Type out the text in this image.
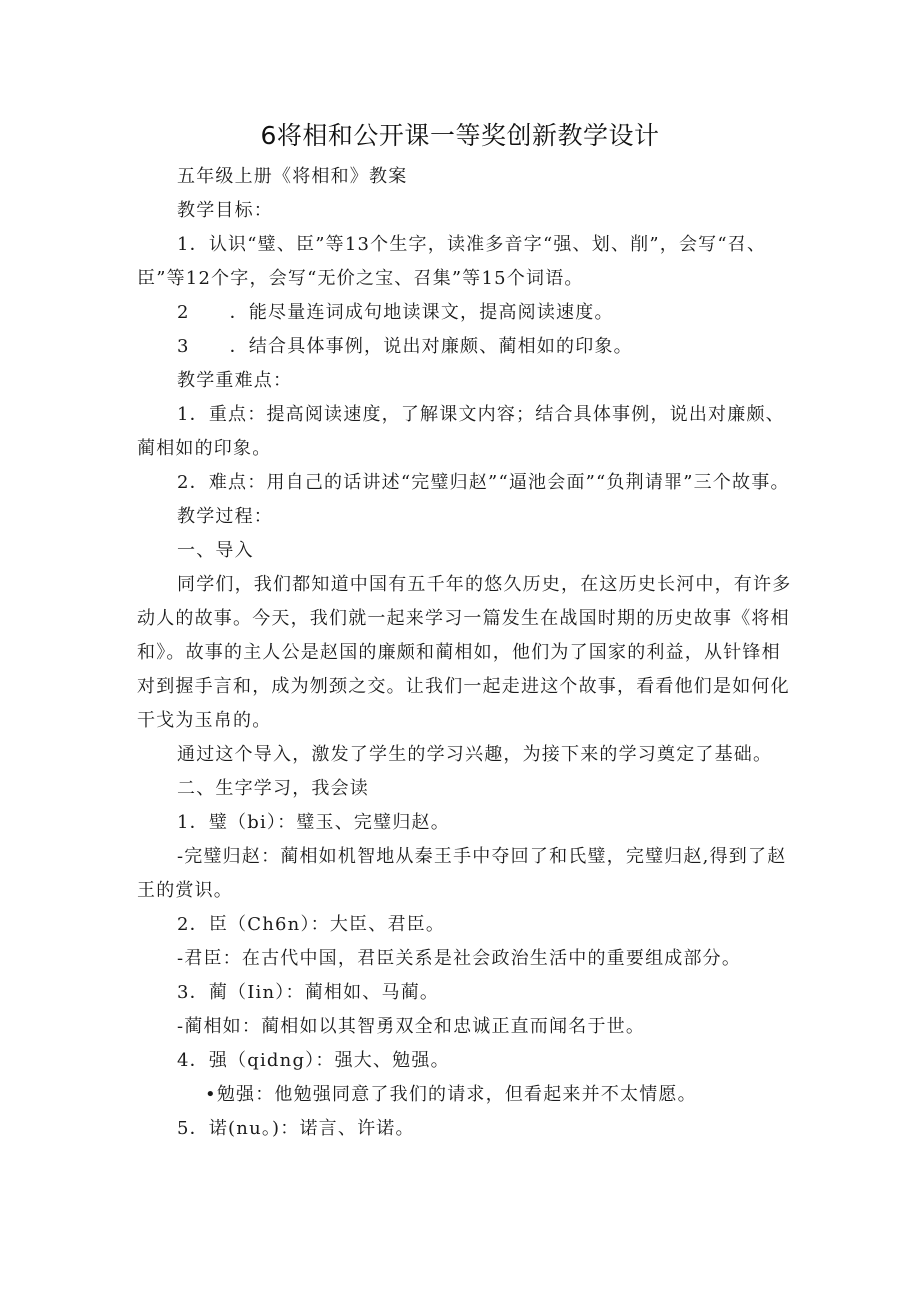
6将相和公开课一等奖创新教学设计

五年级上册《将相和》教案

教学目标：

1．认识“璧、臣”等13个生字，读准多音字“强、划、削”，会写“召、臣”等12个字，会写“无价之宝、召集”等15个词语。

2 ．能尽量连词成句地读课文，提高阅读速度。

3 ．结合具体事例，说出对廉颇、蔺相如的印象。

教学重难点：

1．重点：提高阅读速度，了解课文内容；结合具体事例，说出对廉颇、蔺相如的印象。

2．难点：用自己的话讲述“完璧归赵”“逼池会面”“负荆请罪”三个故事。

教学过程：

一、导入

同学们，我们都知道中国有五千年的悠久历史，在这历史长河中，有许多动人的故事。今天，我们就一起来学习一篇发生在战国时期的历史故事《将相和》。故事的主人公是赵国的廉颇和蔺相如，他们为了国家的利益，从针锋相对到握手言和，成为刎颈之交。让我们一起走进这个故事，看看他们是如何化干戈为玉帛的。

通过这个导入，激发了学生的学习兴趣，为接下来的学习奠定了基础。

二、生字学习，我会读

1．璧（bi）：璧玉、完璧归赵。

-完璧归赵：蔺相如机智地从秦王手中夺回了和氏璧，完璧归赵,得到了赵王的赏识。

2．臣（Ch6n）：大臣、君臣。

-君臣：在古代中国，君臣关系是社会政治生活中的重要组成部分。

3．蔺（Iin）：蔺相如、马蔺。

-蔺相如：蔺相如以其智勇双全和忠诚正直而闻名于世。

4．强（qidng）：强大、勉强。

•勉强：他勉强同意了我们的请求，但看起来并不太情愿。

5．诺(nu。)：诺言、许诺。
